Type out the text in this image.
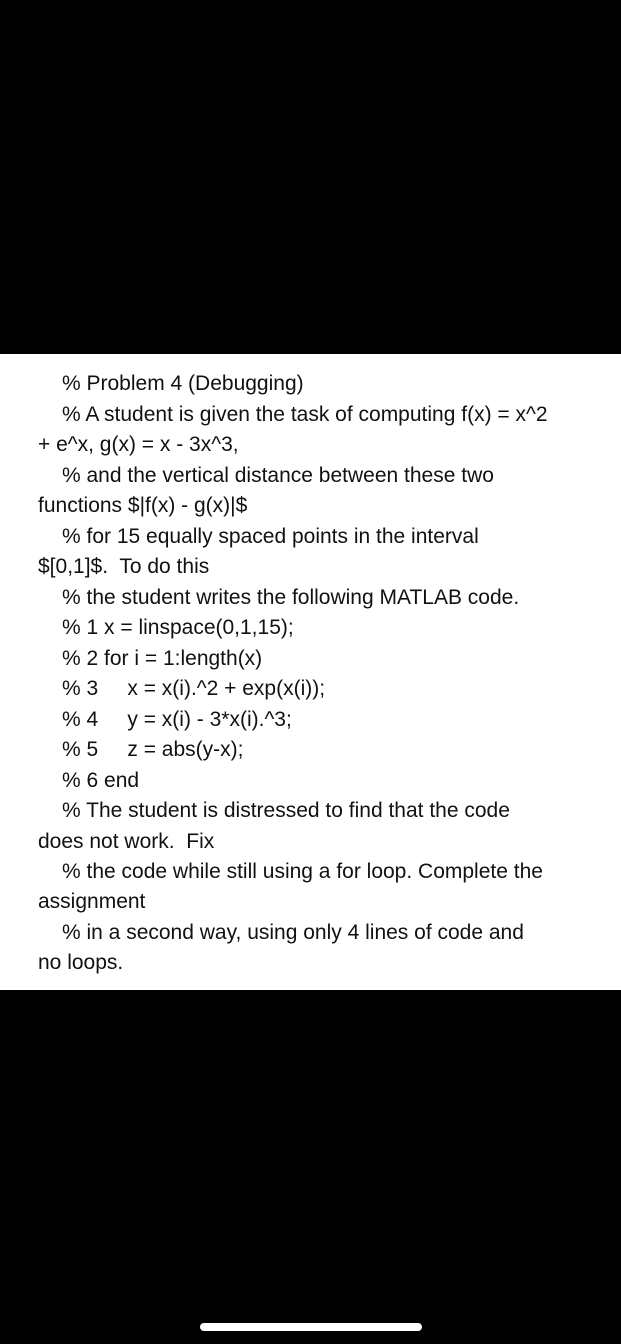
% Problem 4 (Debugging)
% A student is given the task of computing f(x) = x^2
+ e^x, g(x) = x - 3x^3,
% and the vertical distance between these two
functions $|f(x) - g(x)|$
% for 15 equally spaced points in the interval
$[0,1]$.  To do this
% the student writes the following MATLAB code.
% 1 x = linspace(0,1,15);
% 2 for i = 1:length(x)
% 3     x = x(i).^2 + exp(x(i));
% 4     y = x(i) - 3*x(i).^3;
% 5     z = abs(y-x);
% 6 end
% The student is distressed to find that the code
does not work.  Fix
% the code while still using a for loop. Complete the
assignment
% in a second way, using only 4 lines of code and
no loops.
